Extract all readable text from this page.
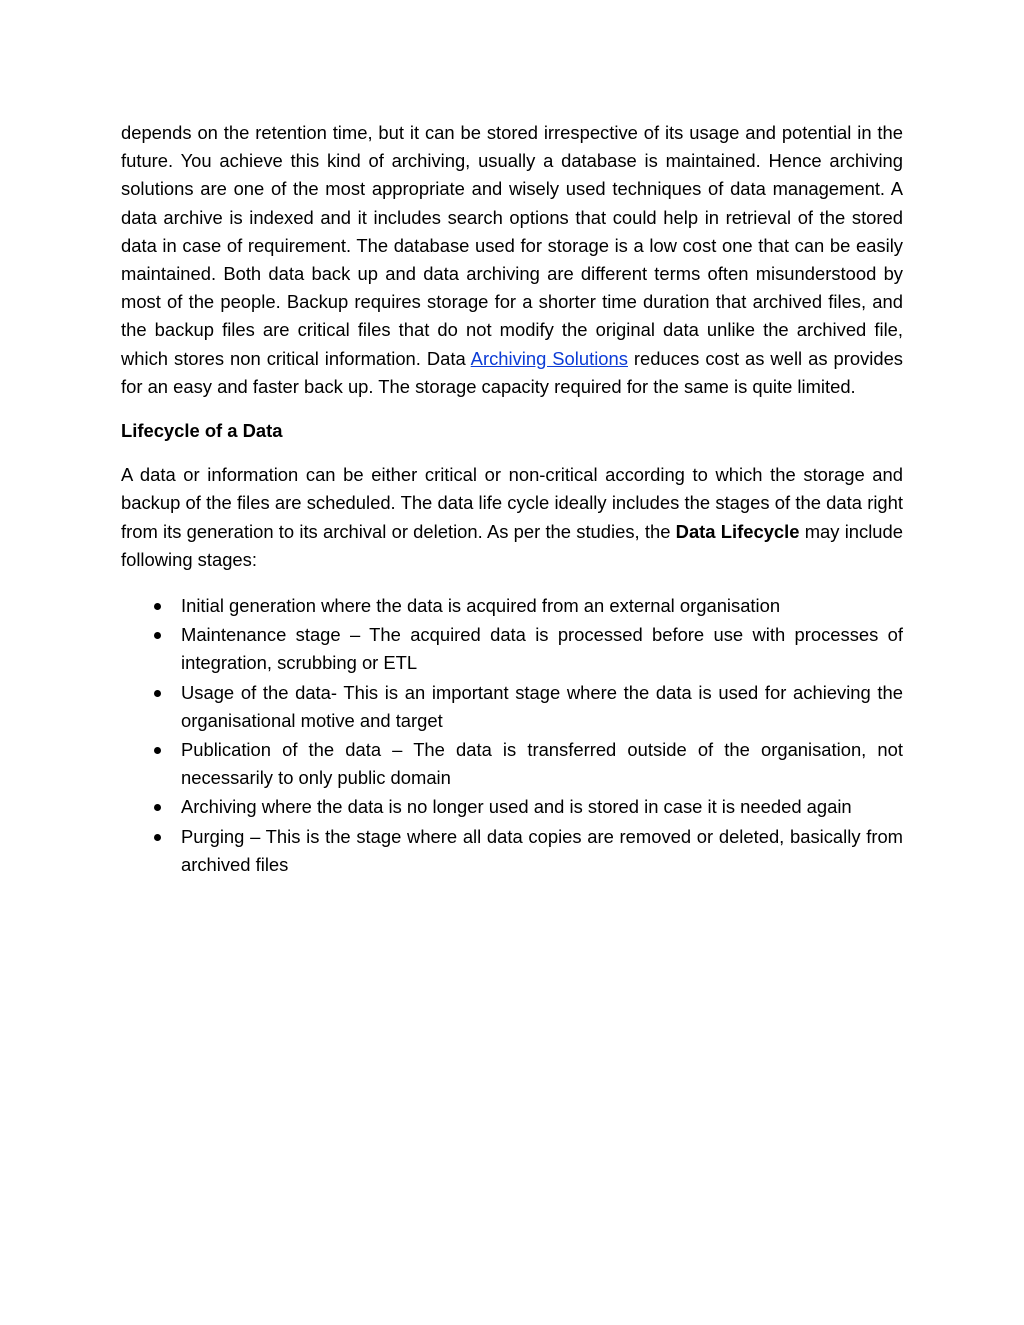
depends on the retention time, but it can be stored irrespective of its usage and potential in the future. You achieve this kind of archiving, usually a database is maintained. Hence archiving solutions are one of the most appropriate and wisely used techniques of data management. A data archive is indexed and it includes search options that could help in retrieval of the stored data in case of requirement. The database used for storage is a low cost one that can be easily maintained. Both data back up and data archiving are different terms often misunderstood by most of the people. Backup requires storage for a shorter time duration that archived files, and the backup files are critical files that do not modify the original data unlike the archived file, which stores non critical information. Data Archiving Solutions reduces cost as well as provides for an easy and faster back up. The storage capacity required for the same is quite limited.

Lifecycle of a Data

A data or information can be either critical or non-critical according to which the storage and backup of the files are scheduled. The data life cycle ideally includes the stages of the data right from its generation to its archival or deletion. As per the studies, the Data Lifecycle may include following stages:

Initial generation where the data is acquired from an external organisation
Maintenance stage – The acquired data is processed before use with processes of integration, scrubbing or ETL
Usage of the data- This is an important stage where the data is used for achieving the organisational motive and target
Publication of the data – The data is transferred outside of the organisation, not necessarily to only public domain
Archiving where the data is no longer used and is stored in case it is needed again
Purging – This is the stage where all data copies are removed or deleted, basically from archived files
